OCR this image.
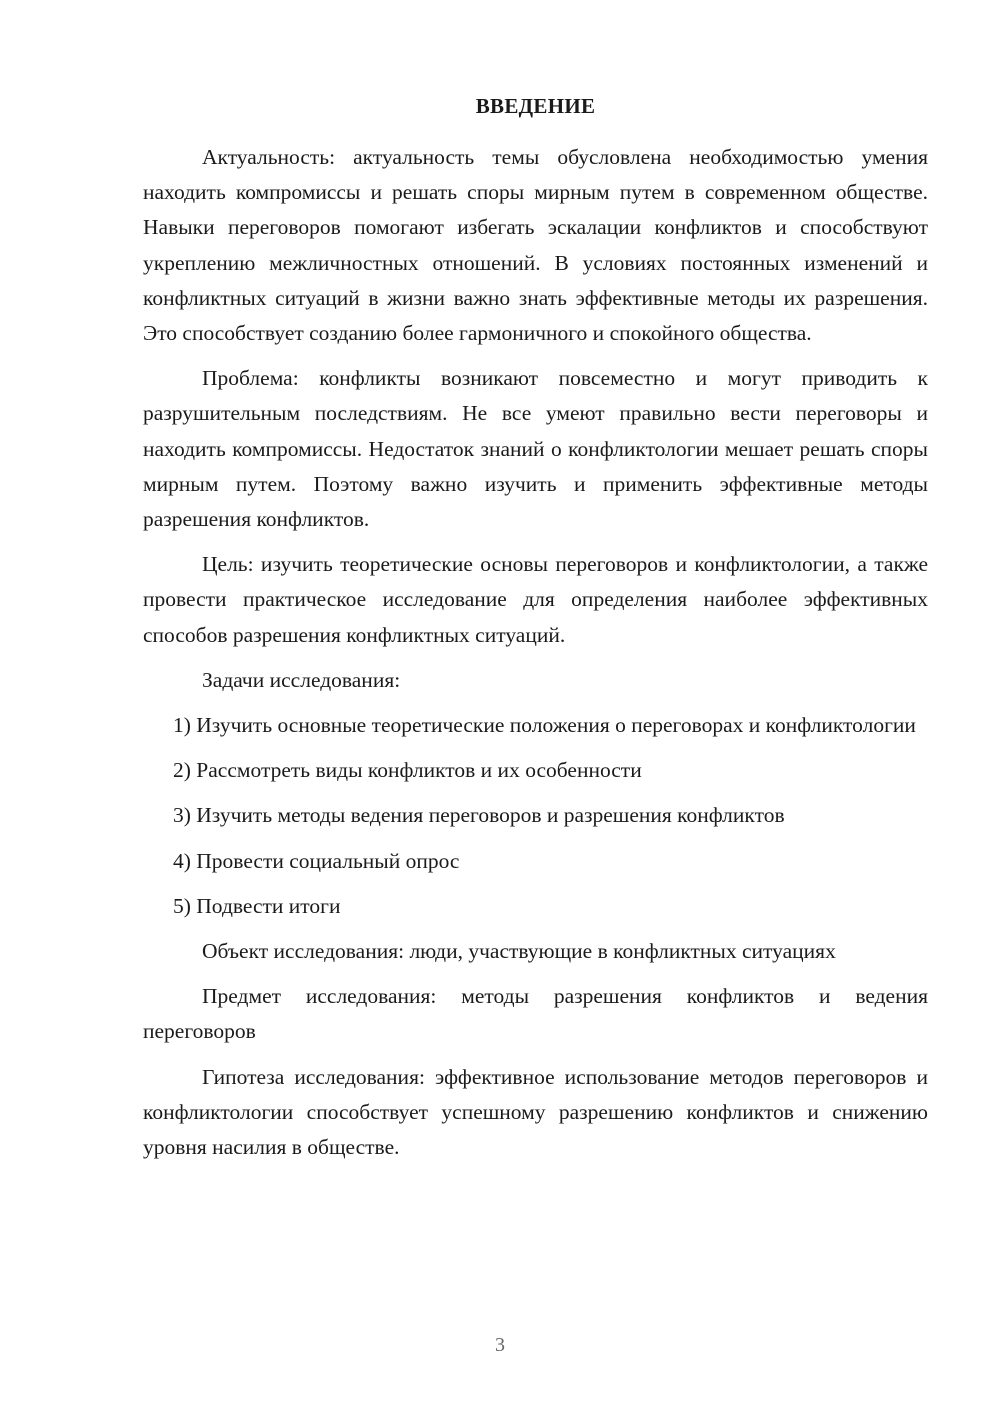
ВВЕДЕНИЕ

Актуальность: актуальность темы обусловлена необходимостью умения находить компромиссы и решать споры мирным путем в современном обществе. Навыки переговоров помогают избегать эскалации конфликтов и способствуют укреплению межличностных отношений. В условиях постоянных изменений и конфликтных ситуаций в жизни важно знать эффективные методы их разрешения. Это способствует созданию более гармоничного и спокойного общества.

Проблема: конфликты возникают повсеместно и могут приводить к разрушительным последствиям. Не все умеют правильно вести переговоры и находить компромиссы. Недостаток знаний о конфликтологии мешает решать споры мирным путем. Поэтому важно изучить и применить эффективные методы разрешения конфликтов.

Цель: изучить теоретические основы переговоров и конфликтологии, а также провести практическое исследование для определения наиболее эффективных способов разрешения конфликтных ситуаций.

Задачи исследования:

1) Изучить основные теоретические положения о переговорах и конфликтологии

2) Рассмотреть виды конфликтов и их особенности

3) Изучить методы ведения переговоров и разрешения конфликтов

4) Провести социальный опрос

5) Подвести итоги

Объект исследования: люди, участвующие в конфликтных ситуациях

Предмет исследования: методы разрешения конфликтов и ведения переговоров

Гипотеза исследования: эффективное использование методов переговоров и конфликтологии способствует успешному разрешению конфликтов и снижению уровня насилия в обществе.

3
